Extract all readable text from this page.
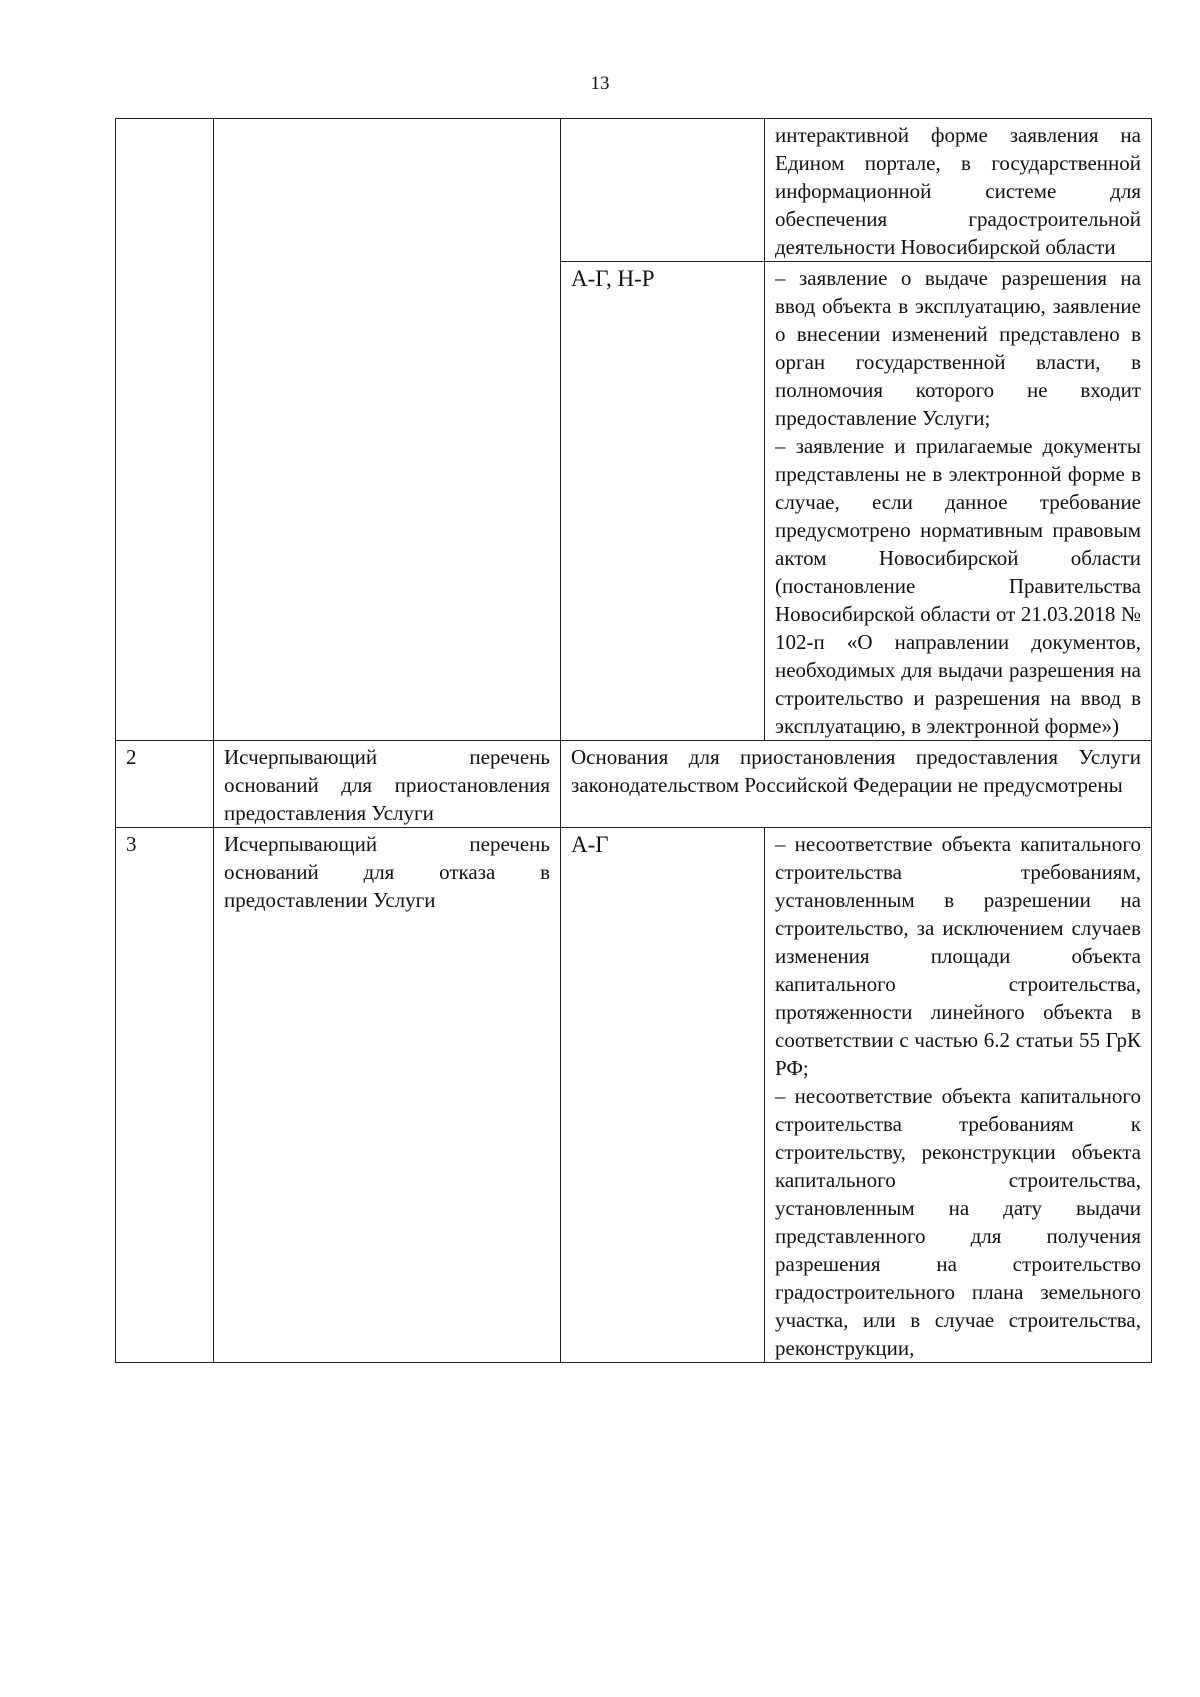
13

			интерактивной форме заявления на Едином портале, в государственной информационной системе для обеспечения градостроительной деятельности Новосибирской области

		А-Г, Н-Р	– заявление о выдаче разрешения на ввод объекта в эксплуатацию, заявление о внесении изменений представлено в орган государственной власти, в полномочия которого не входит предоставление Услуги;
– заявление и прилагаемые документы представлены не в электронной форме в случае, если данное требование предусмотрено нормативным правовым актом Новосибирской области (постановление Правительства Новосибирской области от 21.03.2018 № 102-п «О направлении документов, необходимых для выдачи разрешения на строительство и разрешения на ввод в эксплуатацию, в электронной форме»)

2	Исчерпывающий перечень оснований для приостановления предоставления Услуги	Основания для приостановления предоставления Услуги законодательством Российской Федерации не предусмотрены	

3	Исчерпывающий перечень оснований для отказа в предоставлении Услуги	А-Г	– несоответствие объекта капитального строительства требованиям, установленным в разрешении на строительство, за исключением случаев изменения площади объекта капитального строительства, протяженности линейного объекта в соответствии с частью 6.2 статьи 55 ГрК РФ;
– несоответствие объекта капитального строительства требованиям к строительству, реконструкции объекта капитального строительства, установленным на дату выдачи представленного для получения разрешения на строительство градостроительного плана земельного участка, или в случае строительства, реконструкции,
